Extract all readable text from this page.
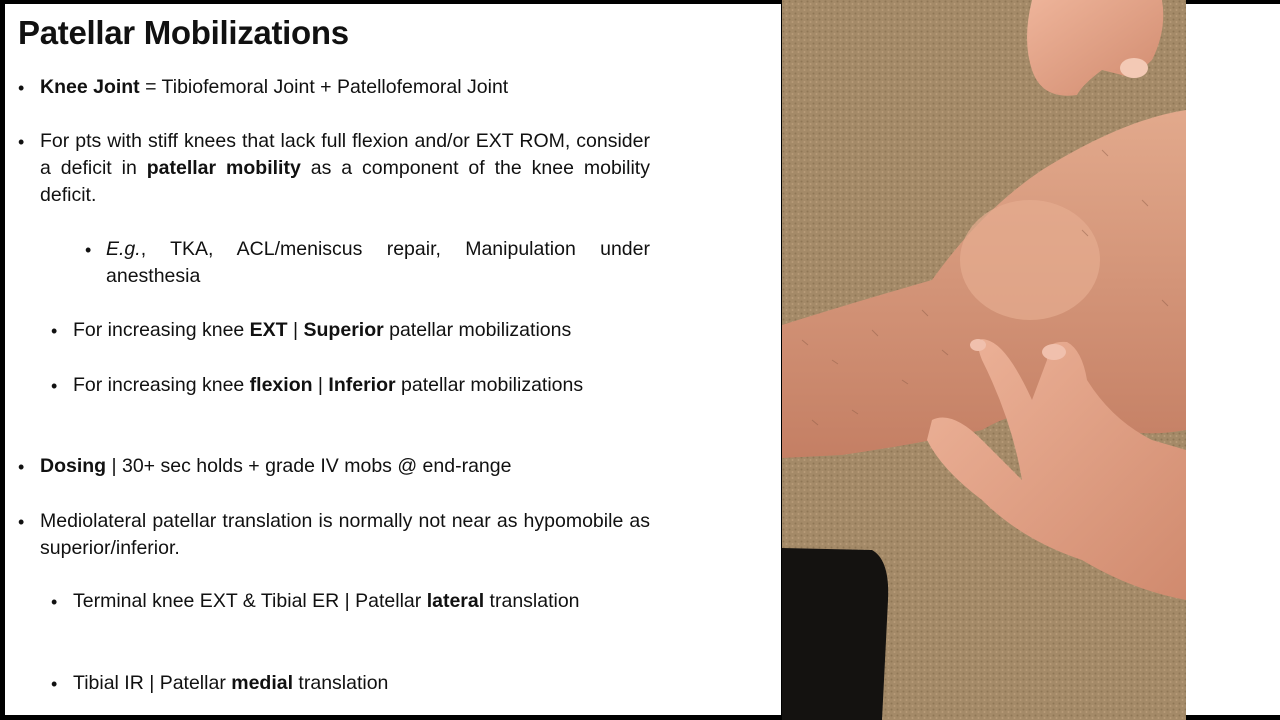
Patellar Mobilizations
• Knee Joint = Tibiofemoral Joint + Patellofemoral Joint
• For pts with stiff knees that lack full flexion and/or EXT ROM, consider a deficit in patellar mobility as a component of the knee mobility deficit.
• E.g., TKA, ACL/meniscus repair, Manipulation under anesthesia
• For increasing knee EXT | Superior patellar mobilizations
• For increasing knee flexion | Inferior patellar mobilizations
• Dosing | 30+ sec holds + grade IV mobs @ end-range
• Mediolateral patellar translation is normally not near as hypomobile as superior/inferior.
• Terminal knee EXT & Tibial ER | Patellar lateral translation
• Tibial IR | Patellar medial translation
